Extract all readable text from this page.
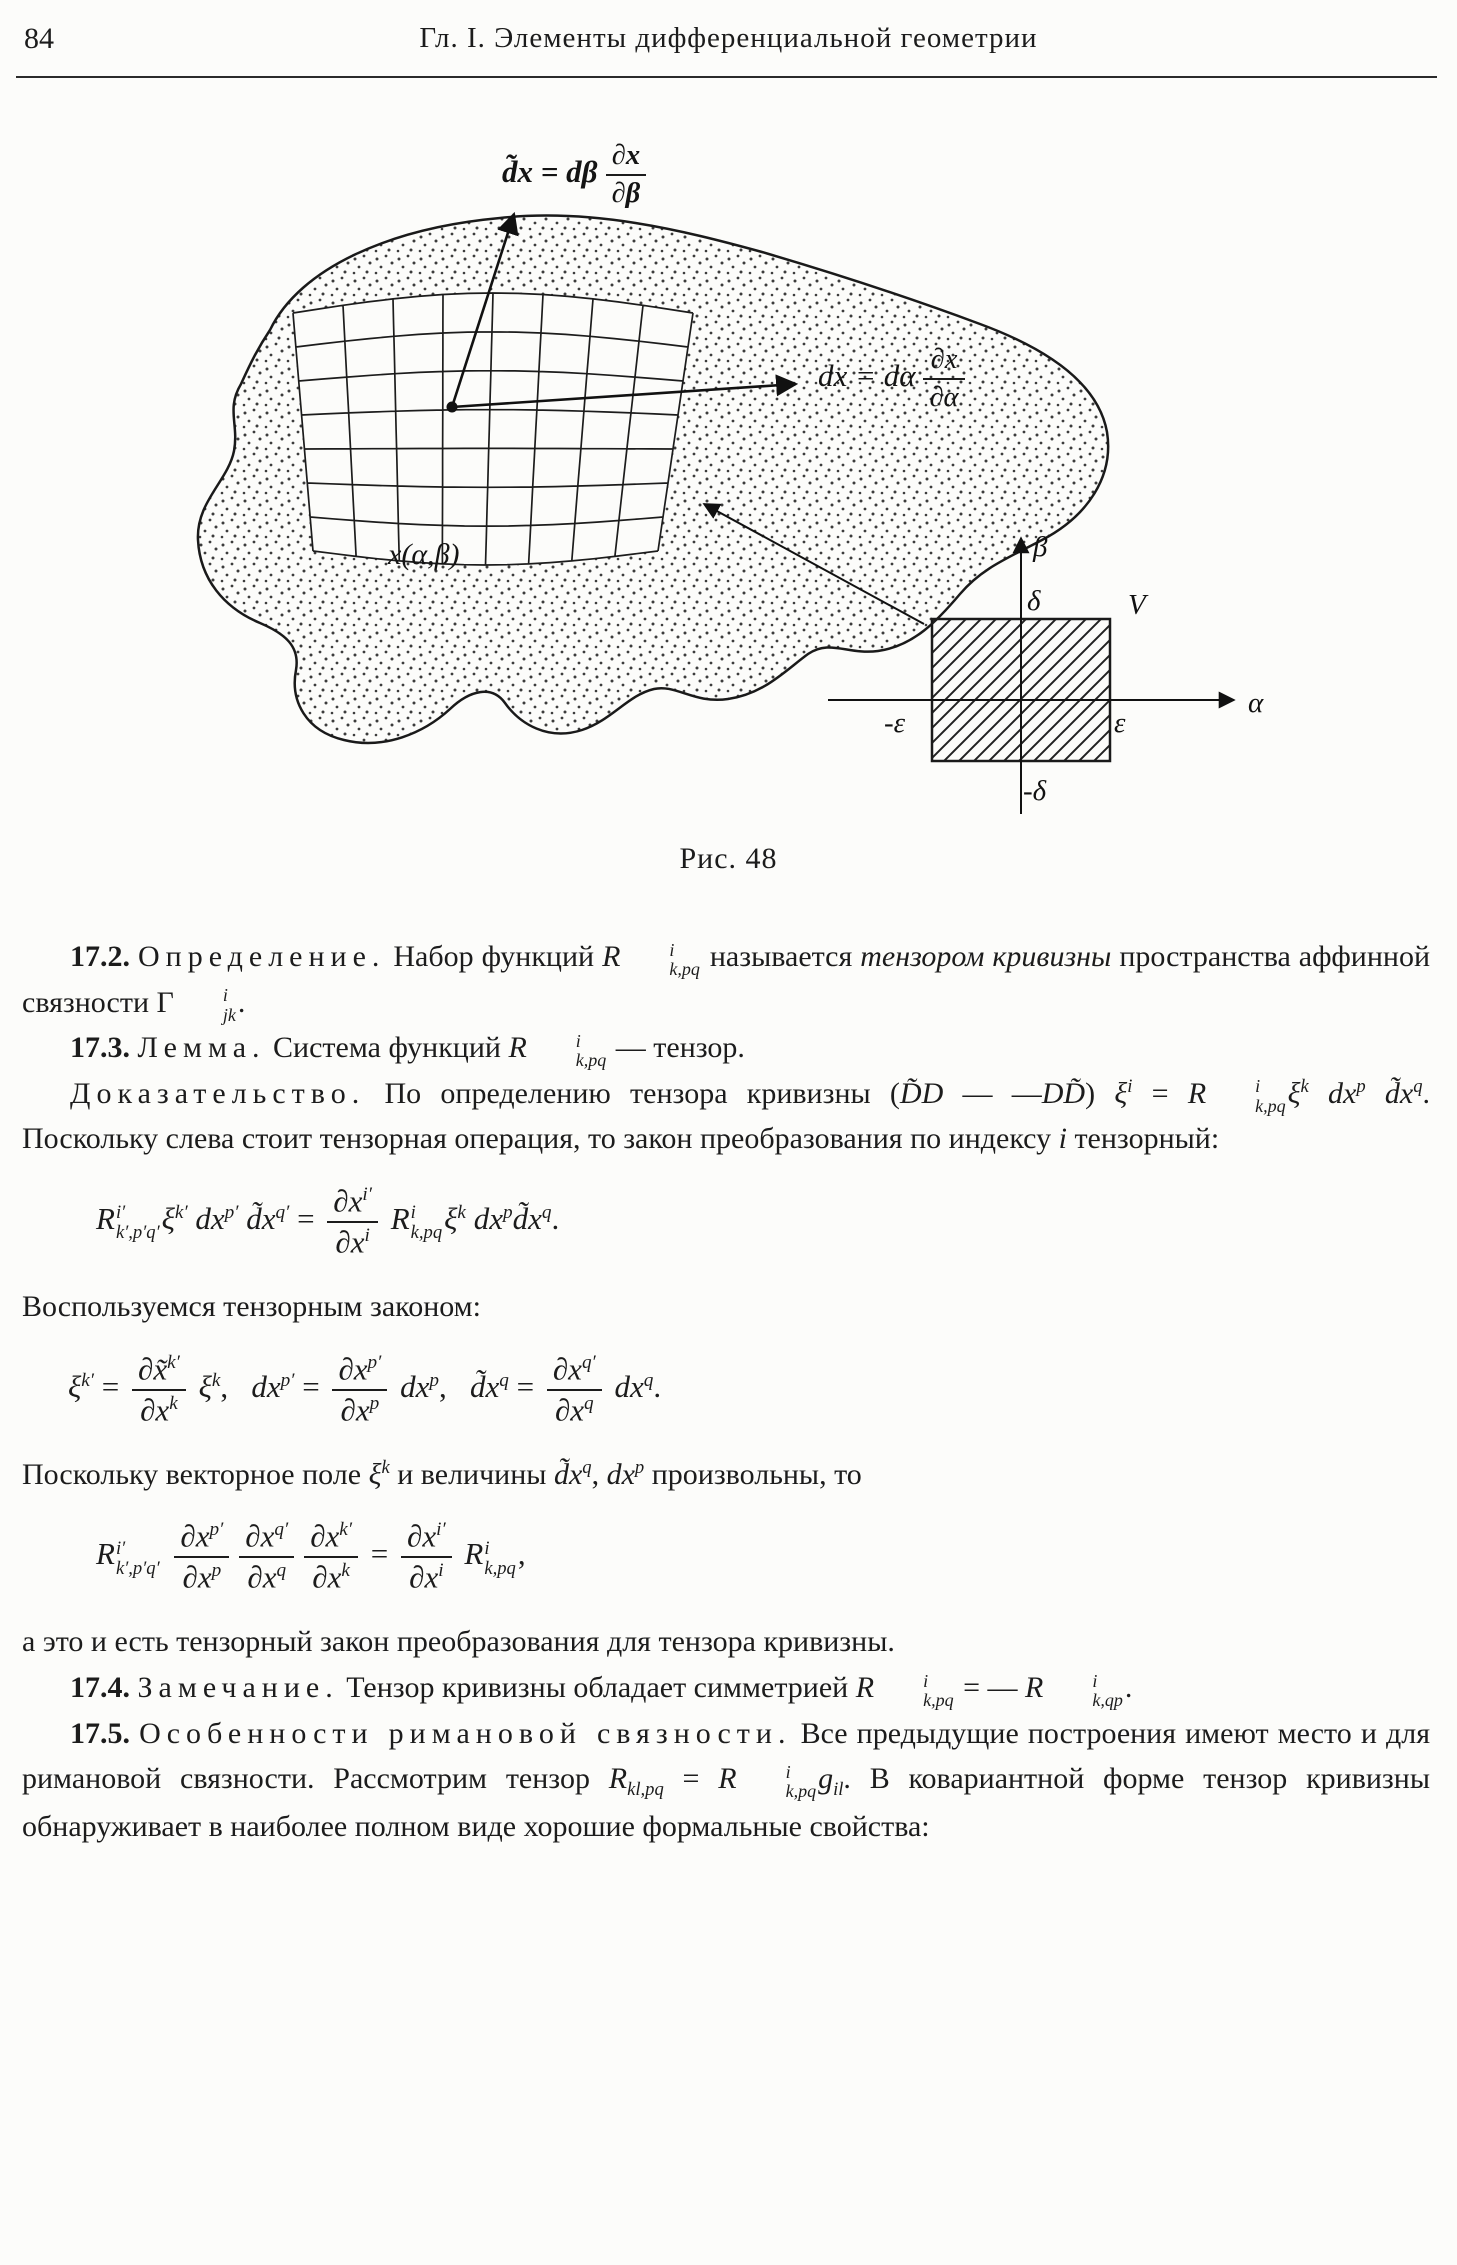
84	Гл. I. Элементы дифференциальной геометрии
β
δ	V
-ε	ε
α
-δ
d̃x = dβ $\frac{\partial x}{\partial\beta}$
dx = dα $\frac{\partial x}{\partial\alpha}$
x(α,β)
Рис. 48

17.2. Определение. Набор функций R	i
k,pq называется тензором кривизны пространства аффинной связности Γ	i
jk .

17.3. Лемма. Система функций R	i
k,pq — тензор.

Доказательство. По определению тензора кривизны (D̃D — —DD̃) $\xi^i = R$	i
k,pq $\xi^k$ $dx^p$ $d̃x^q$. Поскольку слева стоит тензорная операция, то закон преобразования по индексу i тензорный:

R i′
k′,p′q′ $\xi^{k'}$ $dx^{p'}$ $d̃x^{q'} = \frac{\partial x^{i'}}{\partial x^i}$ R i
k,pq $\xi^k$ $dx^pd̃x^q$.

Воспользуемся тензорным законом:

$\xi^{k'} = \frac{\partial x̃^{k'}}{\partial x^k} \xi^k$,   $dx^{p'} = \frac{\partial x^{p'}}{\partial x^p} dx^p$,   $d̃x^q = \frac{\partial x^{q'}}{\partial x^q} dx^q$.

Поскольку векторное поле $\xi^k$ и величины $d̃x^q$, $dx^p$ произвольны, то

R i′
k′,p′q′
$\frac{\partial x^{p'}}{\partial x^p} \frac{\partial x^{q'}}{\partial x^q} \frac{\partial x^{k'}}{\partial x^k} = \frac{\partial x^{i'}}{\partial x^i}$ R i
k,pq ,

а это и есть тензорный закон преобразования для тензора кривизны.

17.4. Замечание. Тензор кривизны обладает симметрией R	i
k,pq = — R	i
k,qp .

17.5. Особенности римановой связности. Все предыдущие построения имеют место и для римановой связности. Рассмотрим тензор $R_{kl,pq} = R$	i
k,pq $g_{il}$. В ковариантной форме тензор кривизны обнаруживает в наиболее полном виде хорошие формальные свойства:
